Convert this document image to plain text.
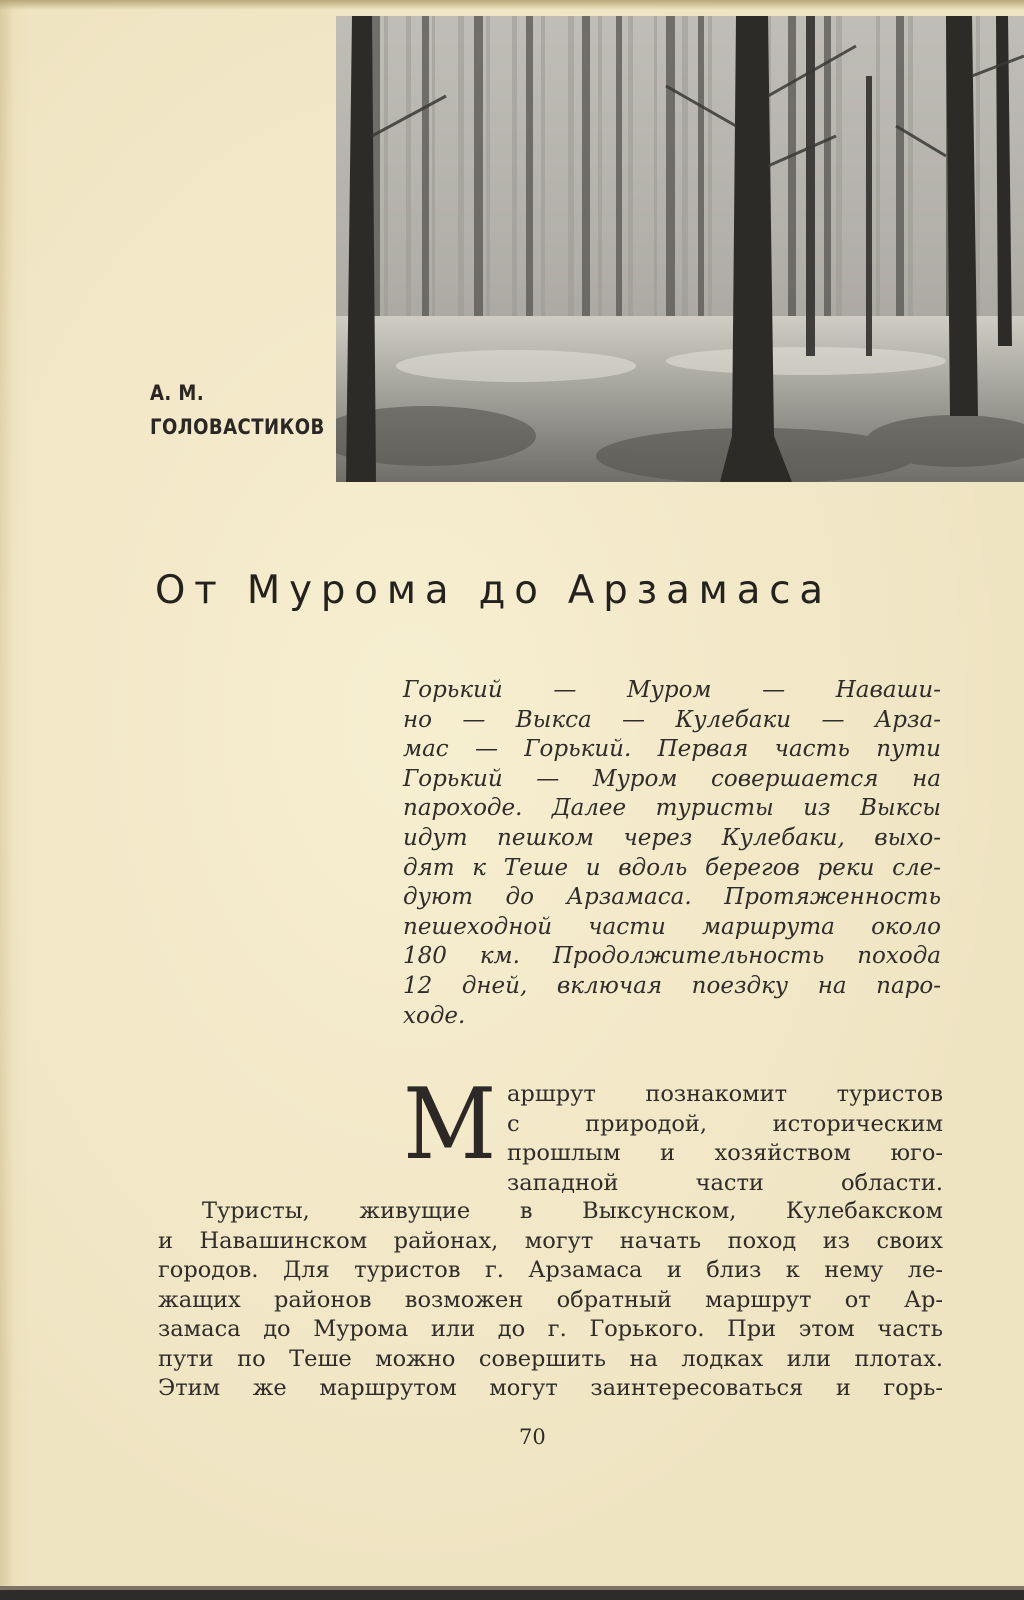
А. М.
ГОЛОВАСТИКОВ
От Мурома до Арзамаса
Горький — Муром — Наваши-
но — Выкса — Кулебаки — Арза-
мас — Горький. Первая часть пути
Горький — Муром совершается на
пароходе. Далее туристы из Выксы
идут пешком через Кулебаки, выхо-
дят к Теше и вдоль берегов реки сле-
дуют до Арзамаса. Протяженность
пешеходной части маршрута около
180 км. Продолжительность похода
12 дней, включая поездку на паро-
ходе.
М аршрут познакомит туристов
с природой, историческим
прошлым и хозяйством юго-
западной части области.
Туристы, живущие в Выксунском, Кулебакском
и Навашинском районах, могут начать поход из своих
городов. Для туристов г. Арзамаса и близ к нему ле-
жащих районов возможен обратный маршрут от Ар-
замаса до Мурома или до г. Горького. При этом часть
пути по Теше можно совершить на лодках или плотах.
Этим же маршрутом могут заинтересоваться и горь-
70
